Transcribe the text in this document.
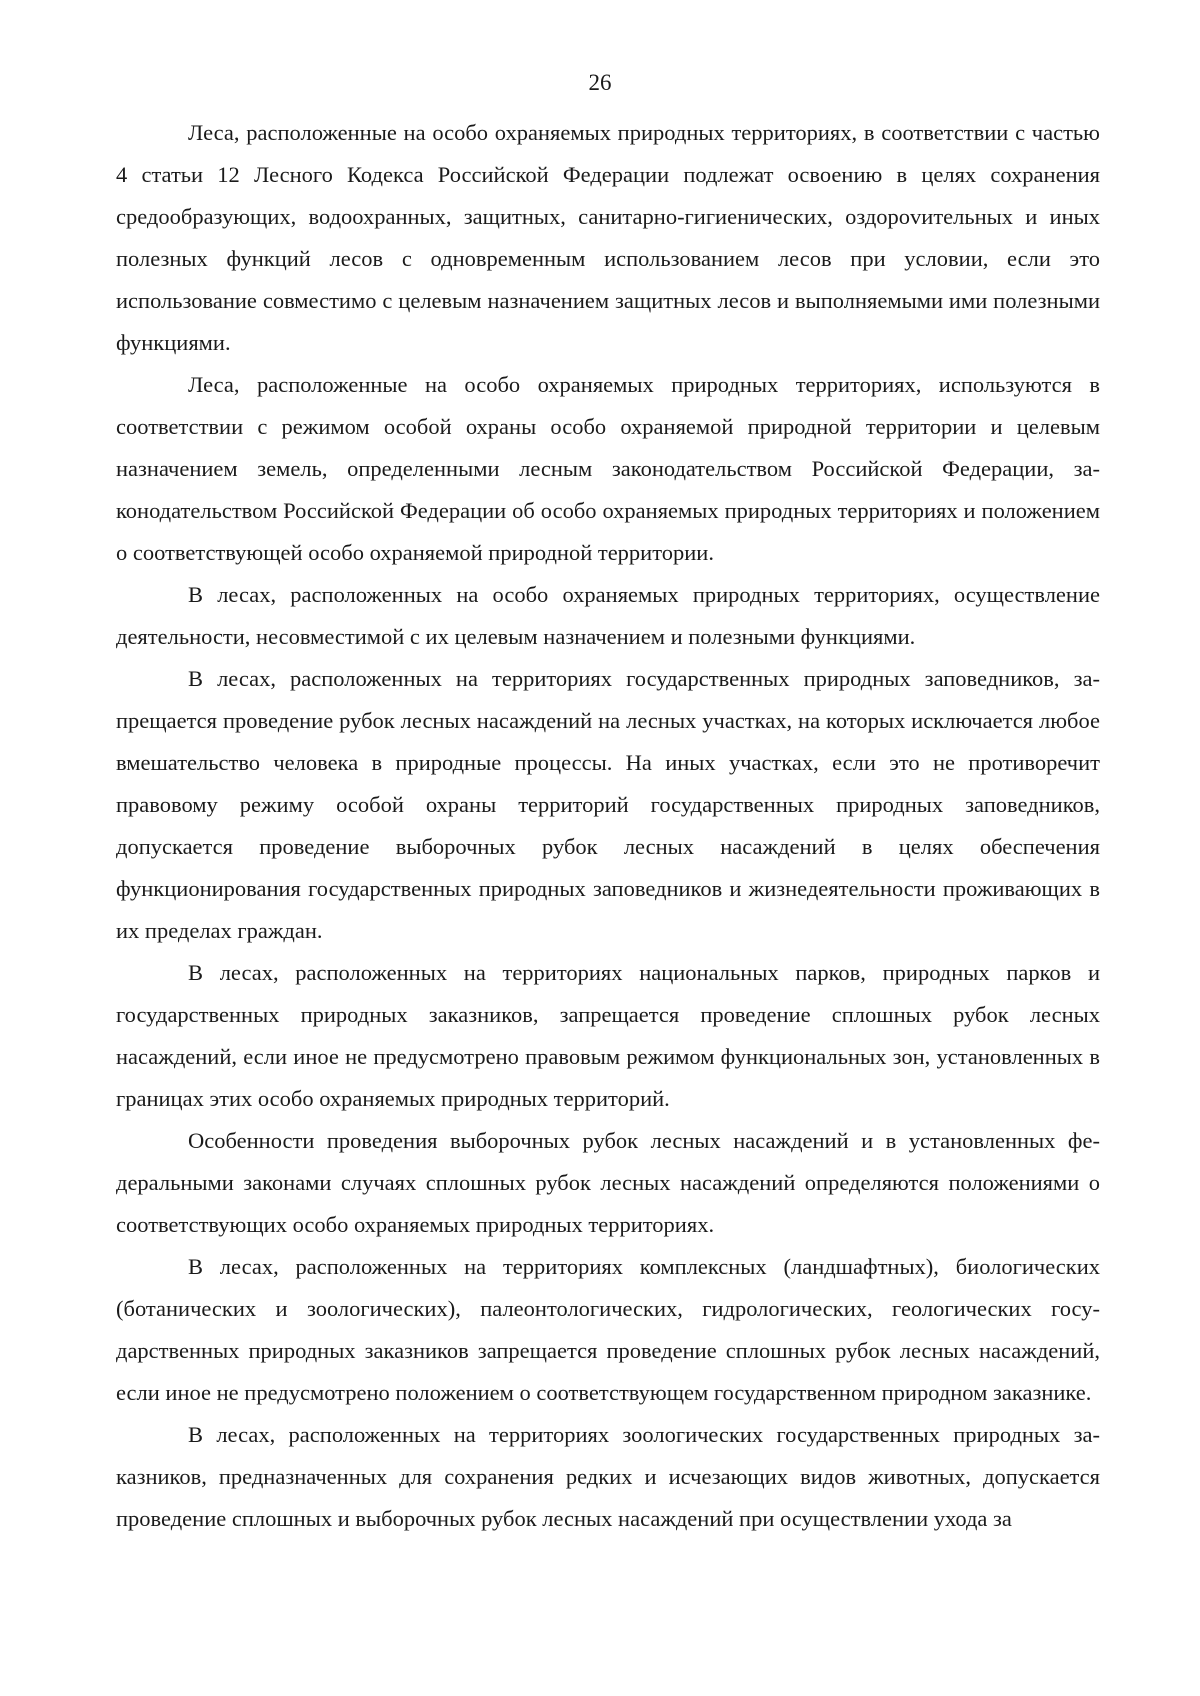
26

Леса, расположенные на особо охраняемых природных территориях, в соответствии с частью 4 статьи 12 Лесного Кодекса Российской Федерации подлежат освоению в целях сохранения средообразующих, водоохранных, защитных, санитарно-гигиенических, оздороvительных и иных полезных функций лесов с одновременным использованием лесов при условии, если это использование совместимо с целевым назначением защитных лесов и выполняемыми ими полезными функциями.

Леса, расположенные на особо охраняемых природных территориях, используются в соответствии с режимом особой охраны особо охраняемой природной территории и целевым назначением земель, определенными лесным законодательством Российской Федерации, законодательством Российской Федерации об особо охраняемых природных территориях и положением о соответствующей особо охраняемой природной территории.

В лесах, расположенных на особо охраняемых природных территориях, осуществление деятельности, несовместимой с их целевым назначением и полезными функциями.

В лесах, расположенных на территориях государственных природных заповедников, запрещается проведение рубок лесных насаждений на лесных участках, на которых исключается любое вмешательство человека в природные процессы. На иных участках, если это не противоречит правовому режиму особой охраны территорий государственных природных заповедников, допускается проведение выборочных рубок лесных насаждений в целях обеспечения функционирования государственных природных заповедников и жизнедеятельности проживающих в их пределах граждан.

В лесах, расположенных на территориях национальных парков, природных парков и государственных природных заказников, запрещается проведение сплошных рубок лесных насаждений, если иное не предусмотрено правовым режимом функциональных зон, установленных в границах этих особо охраняемых природных территорий.

Особенности проведения выборочных рубок лесных насаждений и в установленных федеральными законами случаях сплошных рубок лесных насаждений определяются положениями о соответствующих особо охраняемых природных территориях.

В лесах, расположенных на территориях комплексных (ландшафтных), биологических (ботанических и зоологических), палеонтологических, гидрологических, геологических государственных природных заказников запрещается проведение сплошных рубок лесных насаждений, если иное не предусмотрено положением о соответствующем государственном природном заказнике.

В лесах, расположенных на территориях зоологических государственных природных заказников, предназначенных для сохранения редких и исчезающих видов животных, допускается проведение сплошных и выборочных рубок лесных насаждений при осуществлении ухода за
